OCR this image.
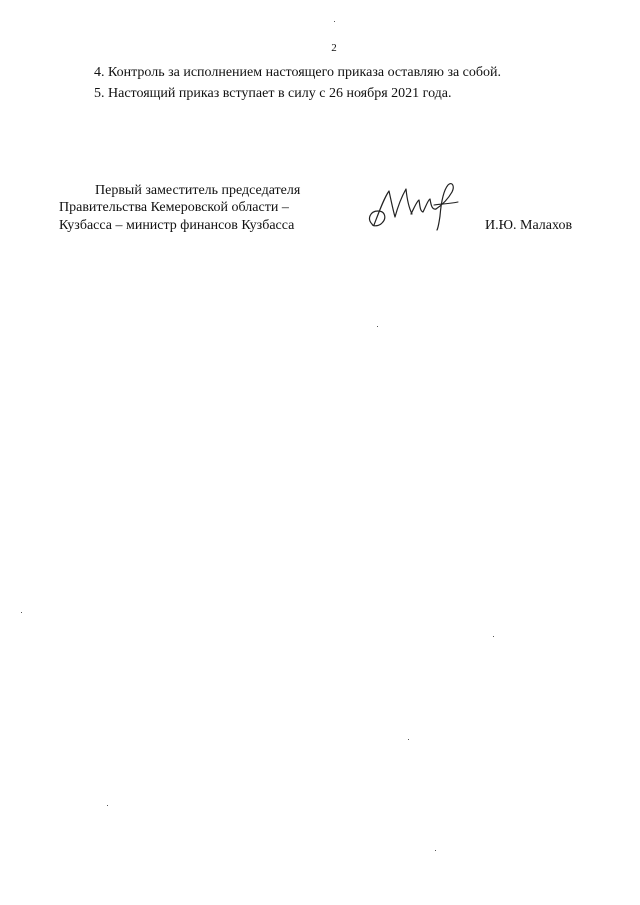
2
4. Контроль за исполнением настоящего приказа оставляю за собой.
5. Настоящий приказ вступает в силу с 26 ноября 2021 года.
Первый заместитель председателя
Правительства Кемеровской области –
Кузбасса – министр финансов Кузбасса	И.Ю. Малахов
